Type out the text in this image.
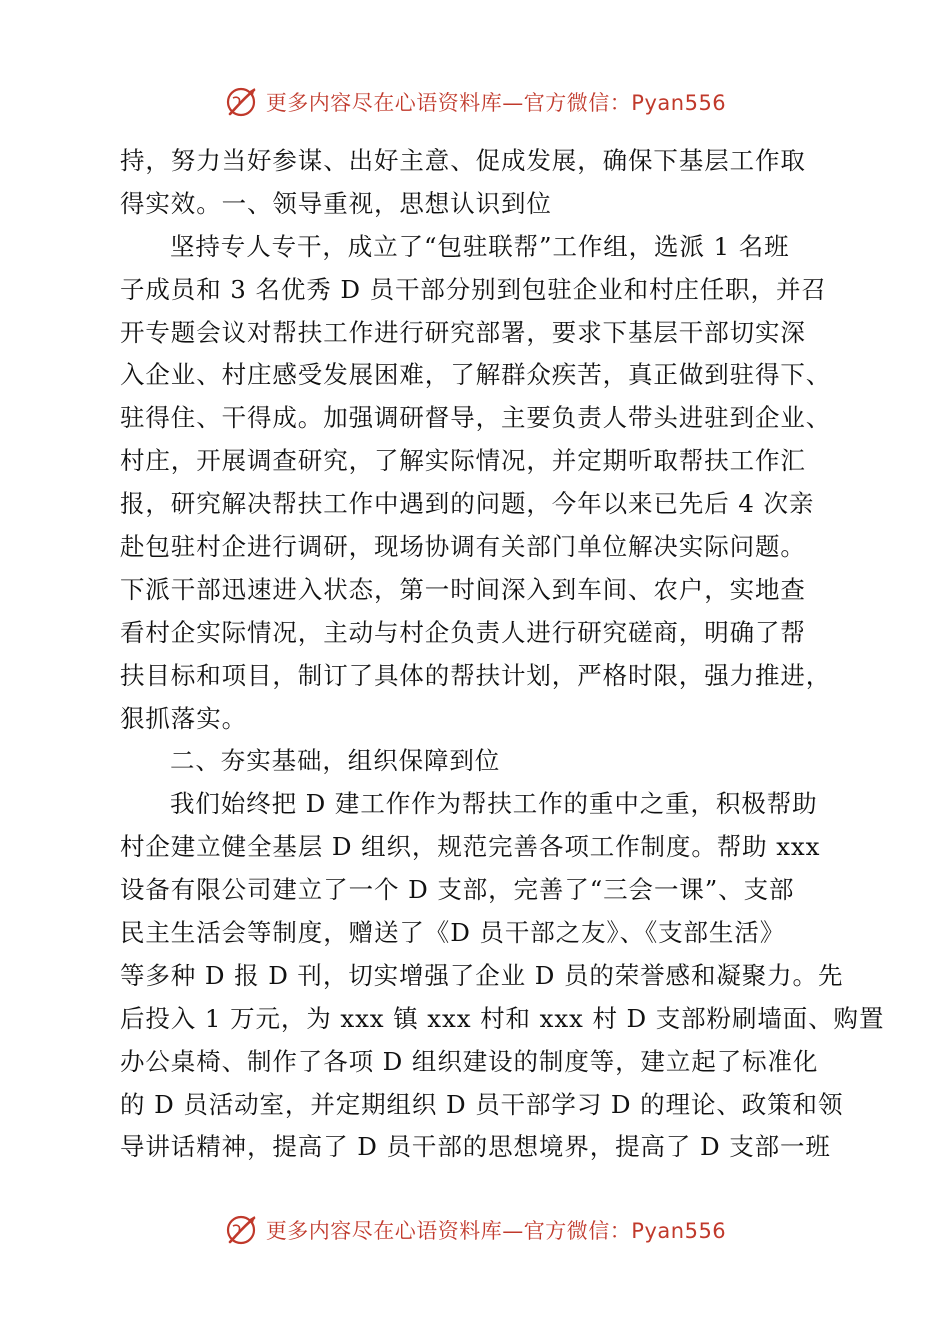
更多内容尽在心语资料库—官方微信：Pyan556
持，努力当好参谋、出好主意、促成发展，确保下基层工作取
得实效。一、领导重视，思想认识到位
坚持专人专干，成立了“包驻联帮”工作组，选派 1 名班
子成员和 3 名优秀 D 员干部分别到包驻企业和村庄任职，并召
开专题会议对帮扶工作进行研究部署，要求下基层干部切实深
入企业、村庄感受发展困难，了解群众疾苦，真正做到驻得下、
驻得住、干得成。加强调研督导，主要负责人带头进驻到企业、
村庄，开展调查研究，了解实际情况，并定期听取帮扶工作汇
报，研究解决帮扶工作中遇到的问题，今年以来已先后 4 次亲
赴包驻村企进行调研，现场协调有关部门单位解决实际问题。
下派干部迅速进入状态，第一时间深入到车间、农户，实地查
看村企实际情况，主动与村企负责人进行研究磋商，明确了帮
扶目标和项目，制订了具体的帮扶计划，严格时限，强力推进，
狠抓落实。
二、夯实基础，组织保障到位
我们始终把 D 建工作作为帮扶工作的重中之重，积极帮助
村企建立健全基层 D 组织，规范完善各项工作制度。帮助 xxx
设备有限公司建立了一个 D 支部，完善了“三会一课”、支部
民主生活会等制度，赠送了《D 员干部之友》、《支部生活》
等多种 D 报 D 刊，切实增强了企业 D 员的荣誉感和凝聚力。先
后投入 1 万元，为 xxx 镇 xxx 村和 xxx 村 D 支部粉刷墙面、购置
办公桌椅、制作了各项 D 组织建设的制度等，建立起了标准化
的 D 员活动室，并定期组织 D 员干部学习 D 的理论、政策和领
导讲话精神，提高了 D 员干部的思想境界，提高了 D 支部一班
更多内容尽在心语资料库—官方微信：Pyan556
